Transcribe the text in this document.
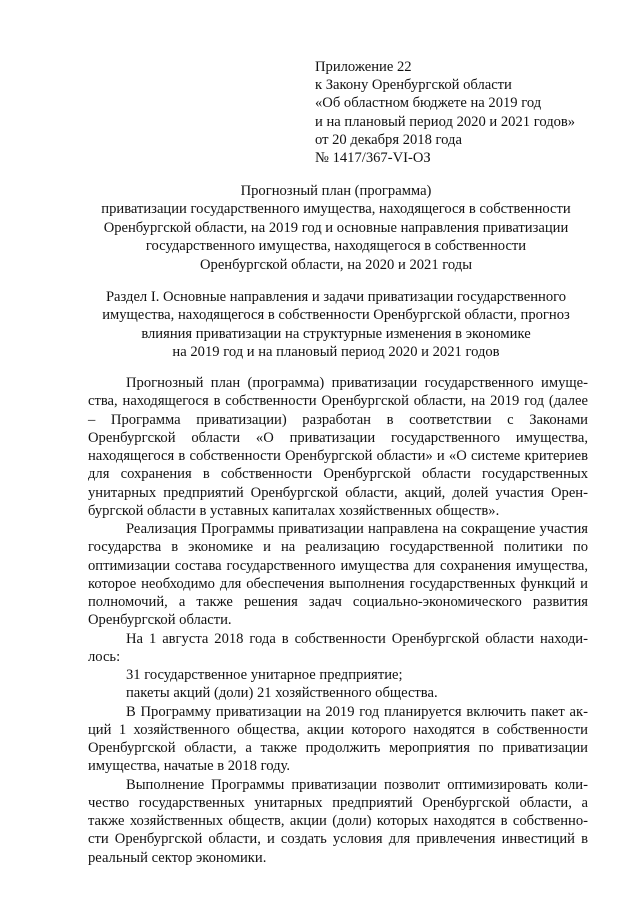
Приложение 22
к Закону Оренбургской области
«Об областном бюджете на 2019 год
и на плановый период 2020 и 2021 годов»
от 20 декабря 2018 года
№ 1417/367-VI-ОЗ
Прогнозный план (программа)
приватизации государственного имущества, находящегося в собственности
Оренбургской области, на 2019 год и основные направления приватизации
государственного имущества, находящегося в собственности
Оренбургской области, на 2020 и 2021 годы
Раздел I. Основные направления и задачи приватизации государственного
имущества, находящегося в собственности Оренбургской области, прогноз
влияния приватизации на структурные изменения в экономике
на 2019 год и на плановый период 2020 и 2021 годов

Прогнозный план (программа) приватизации государственного имущества, находящегося в собственности Оренбургской области, на 2019 год (далее – Программа приватизации) разработан в соответствии с Законами Оренбургской области «О приватизации государственного имущества, находящегося в собственности Оренбургской области» и «О системе критериев для сохранения в собственности Оренбургской области государственных унитарных предприятий Оренбургской области, акций, долей участия Оренбургской области в уставных капиталах хозяйственных обществ».

Реализация Программы приватизации направлена на сокращение участия государства в экономике и на реализацию государственной политики по оптимизации состава государственного имущества для сохранения имущества, которое необходимо для обеспечения выполнения государственных функций и полномочий, а также решения задач социально-экономического развития Оренбургской области.

На 1 августа 2018 года в собственности Оренбургской области находилось:

31 государственное унитарное предприятие;

пакеты акций (доли) 21 хозяйственного общества.

В Программу приватизации на 2019 год планируется включить пакет акций 1 хозяйственного общества, акции которого находятся в собственности Оренбургской области, а также продолжить мероприятия по приватизации имущества, начатые в 2018 году.

Выполнение Программы приватизации позволит оптимизировать количество государственных унитарных предприятий Оренбургской области, а также хозяйственных обществ, акции (доли) которых находятся в собственности Оренбургской области, и создать условия для привлечения инвестиций в реальный сектор экономики.
